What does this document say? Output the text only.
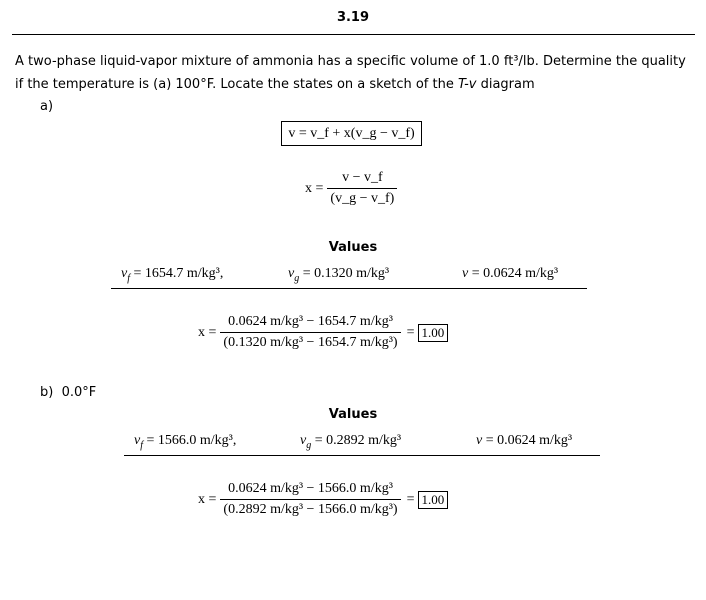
3.19
A two-phase liquid-vapor mixture of ammonia has a specific volume of 1.0 ft³/lb. Determine the quality
if the temperature is (a) 100°F. Locate the states on a sketch of the T-v diagram
a)
v = v_f + x(v_g − v_f)
$x = \frac{v - v\_f}{(v\_g - v\_f)}$
Values
$v_f = 1654.7$ m/kg³,	$v_g = 0.1320$ m/kg³	v = 0.0624 m/kg³
$x = \frac{\text{0.0624 m/kg³ − 1654.7 m/kg³}}{\text{(0.1320 m/kg³ − 1654.7 m/kg³)}} = 1.00$
b) 0.0°F
Values
$v_f = 1566.0$ m/kg³,	$v_g = 0.2892$ m/kg³	v = 0.0624 m/kg³
$x = \frac{\text{0.0624 m/kg³ − 1566.0 m/kg³}}{\text{(0.2892 m/kg³ − 1566.0 m/kg³)}} = 1.00$
